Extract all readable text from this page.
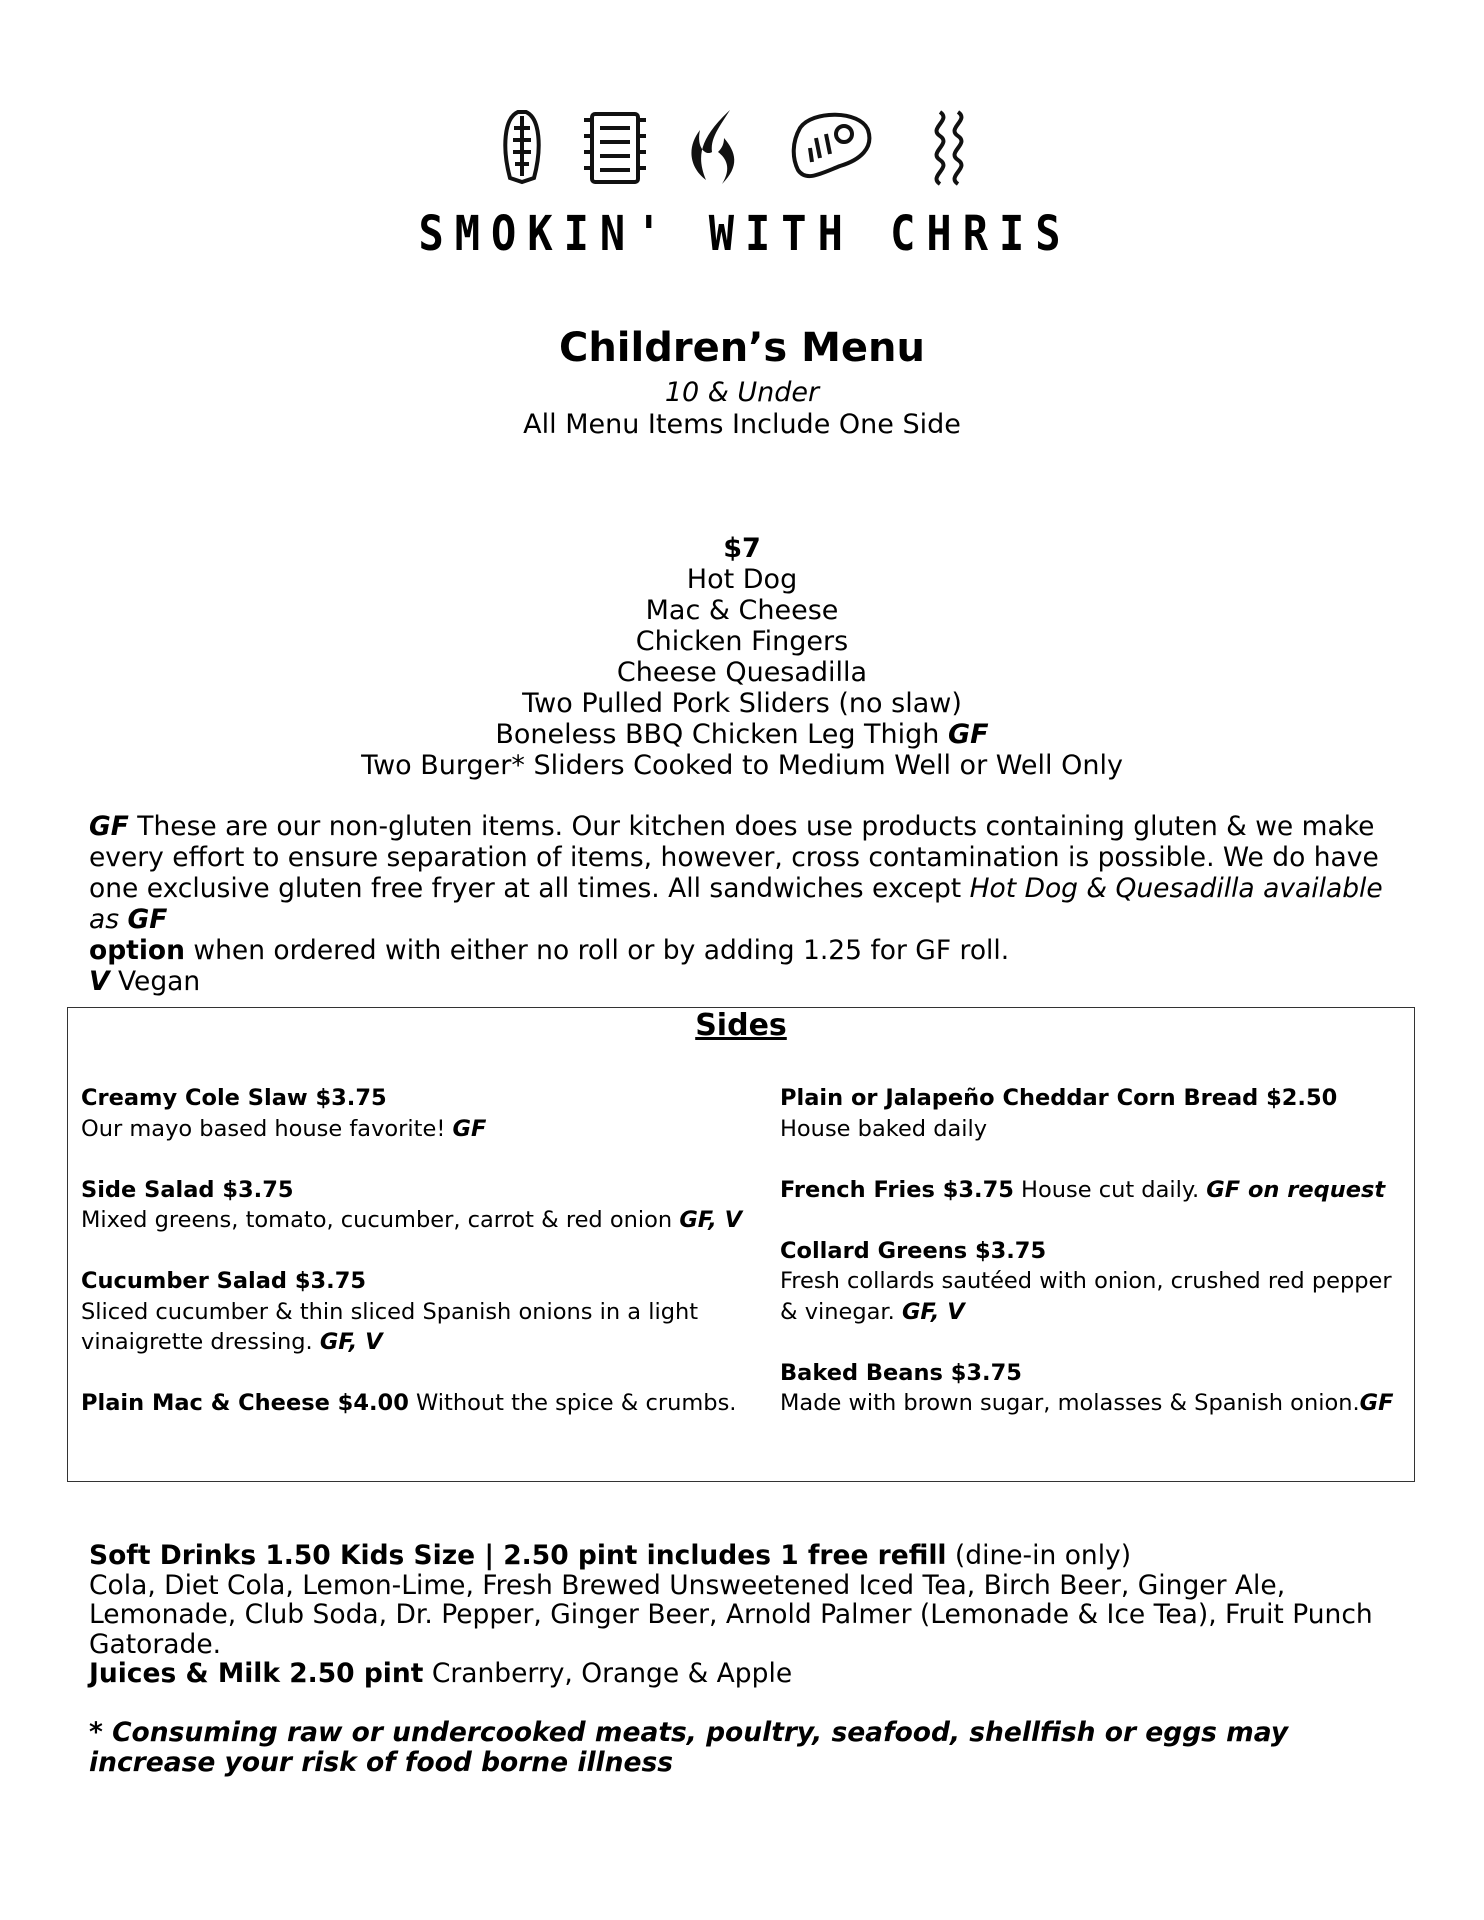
SMOKIN' WITH CHRIS
Children’s Menu
10 & Under
All Menu Items Include One Side
$7
Hot Dog
Mac & Cheese
Chicken Fingers
Cheese Quesadilla
Two Pulled Pork Sliders (no slaw)
Boneless BBQ Chicken Leg Thigh GF
Two Burger* Sliders Cooked to Medium Well or Well Only
GF These are our non-gluten items. Our kitchen does use products containing gluten & we make every effort to ensure separation of items, however, cross contamination is possible. We do have one exclusive gluten free fryer at all times. All sandwiches except Hot Dog & Quesadilla available as GF
option when ordered with either no roll or by adding 1.25 for GF roll.
V Vegan
Sides
Creamy Cole Slaw $3.75
Our mayo based house favorite! GF
Side Salad $3.75
Mixed greens, tomato, cucumber, carrot & red onion GF, V
Cucumber Salad $3.75
Sliced cucumber & thin sliced Spanish onions in a light vinaigrette dressing. GF, V
Plain Mac & Cheese $4.00 Without the spice & crumbs.
Plain or Jalapeño Cheddar Corn Bread $2.50
House baked daily
French Fries $3.75 House cut daily. GF on request
Collard Greens $3.75
Fresh collards sautéed with onion, crushed red pepper & vinegar. GF, V
Baked Beans $3.75
Made with brown sugar, molasses & Spanish onion.GF
Soft Drinks 1.50 Kids Size | 2.50 pint includes 1 free refill (dine-in only)
Cola, Diet Cola, Lemon-Lime, Fresh Brewed Unsweetened Iced Tea, Birch Beer, Ginger Ale, Lemonade, Club Soda, Dr. Pepper, Ginger Beer, Arnold Palmer (Lemonade & Ice Tea), Fruit Punch Gatorade.
Juices & Milk 2.50 pint Cranberry, Orange & Apple
* Consuming raw or undercooked meats, poultry, seafood, shellfish or eggs may increase your risk of food borne illness
